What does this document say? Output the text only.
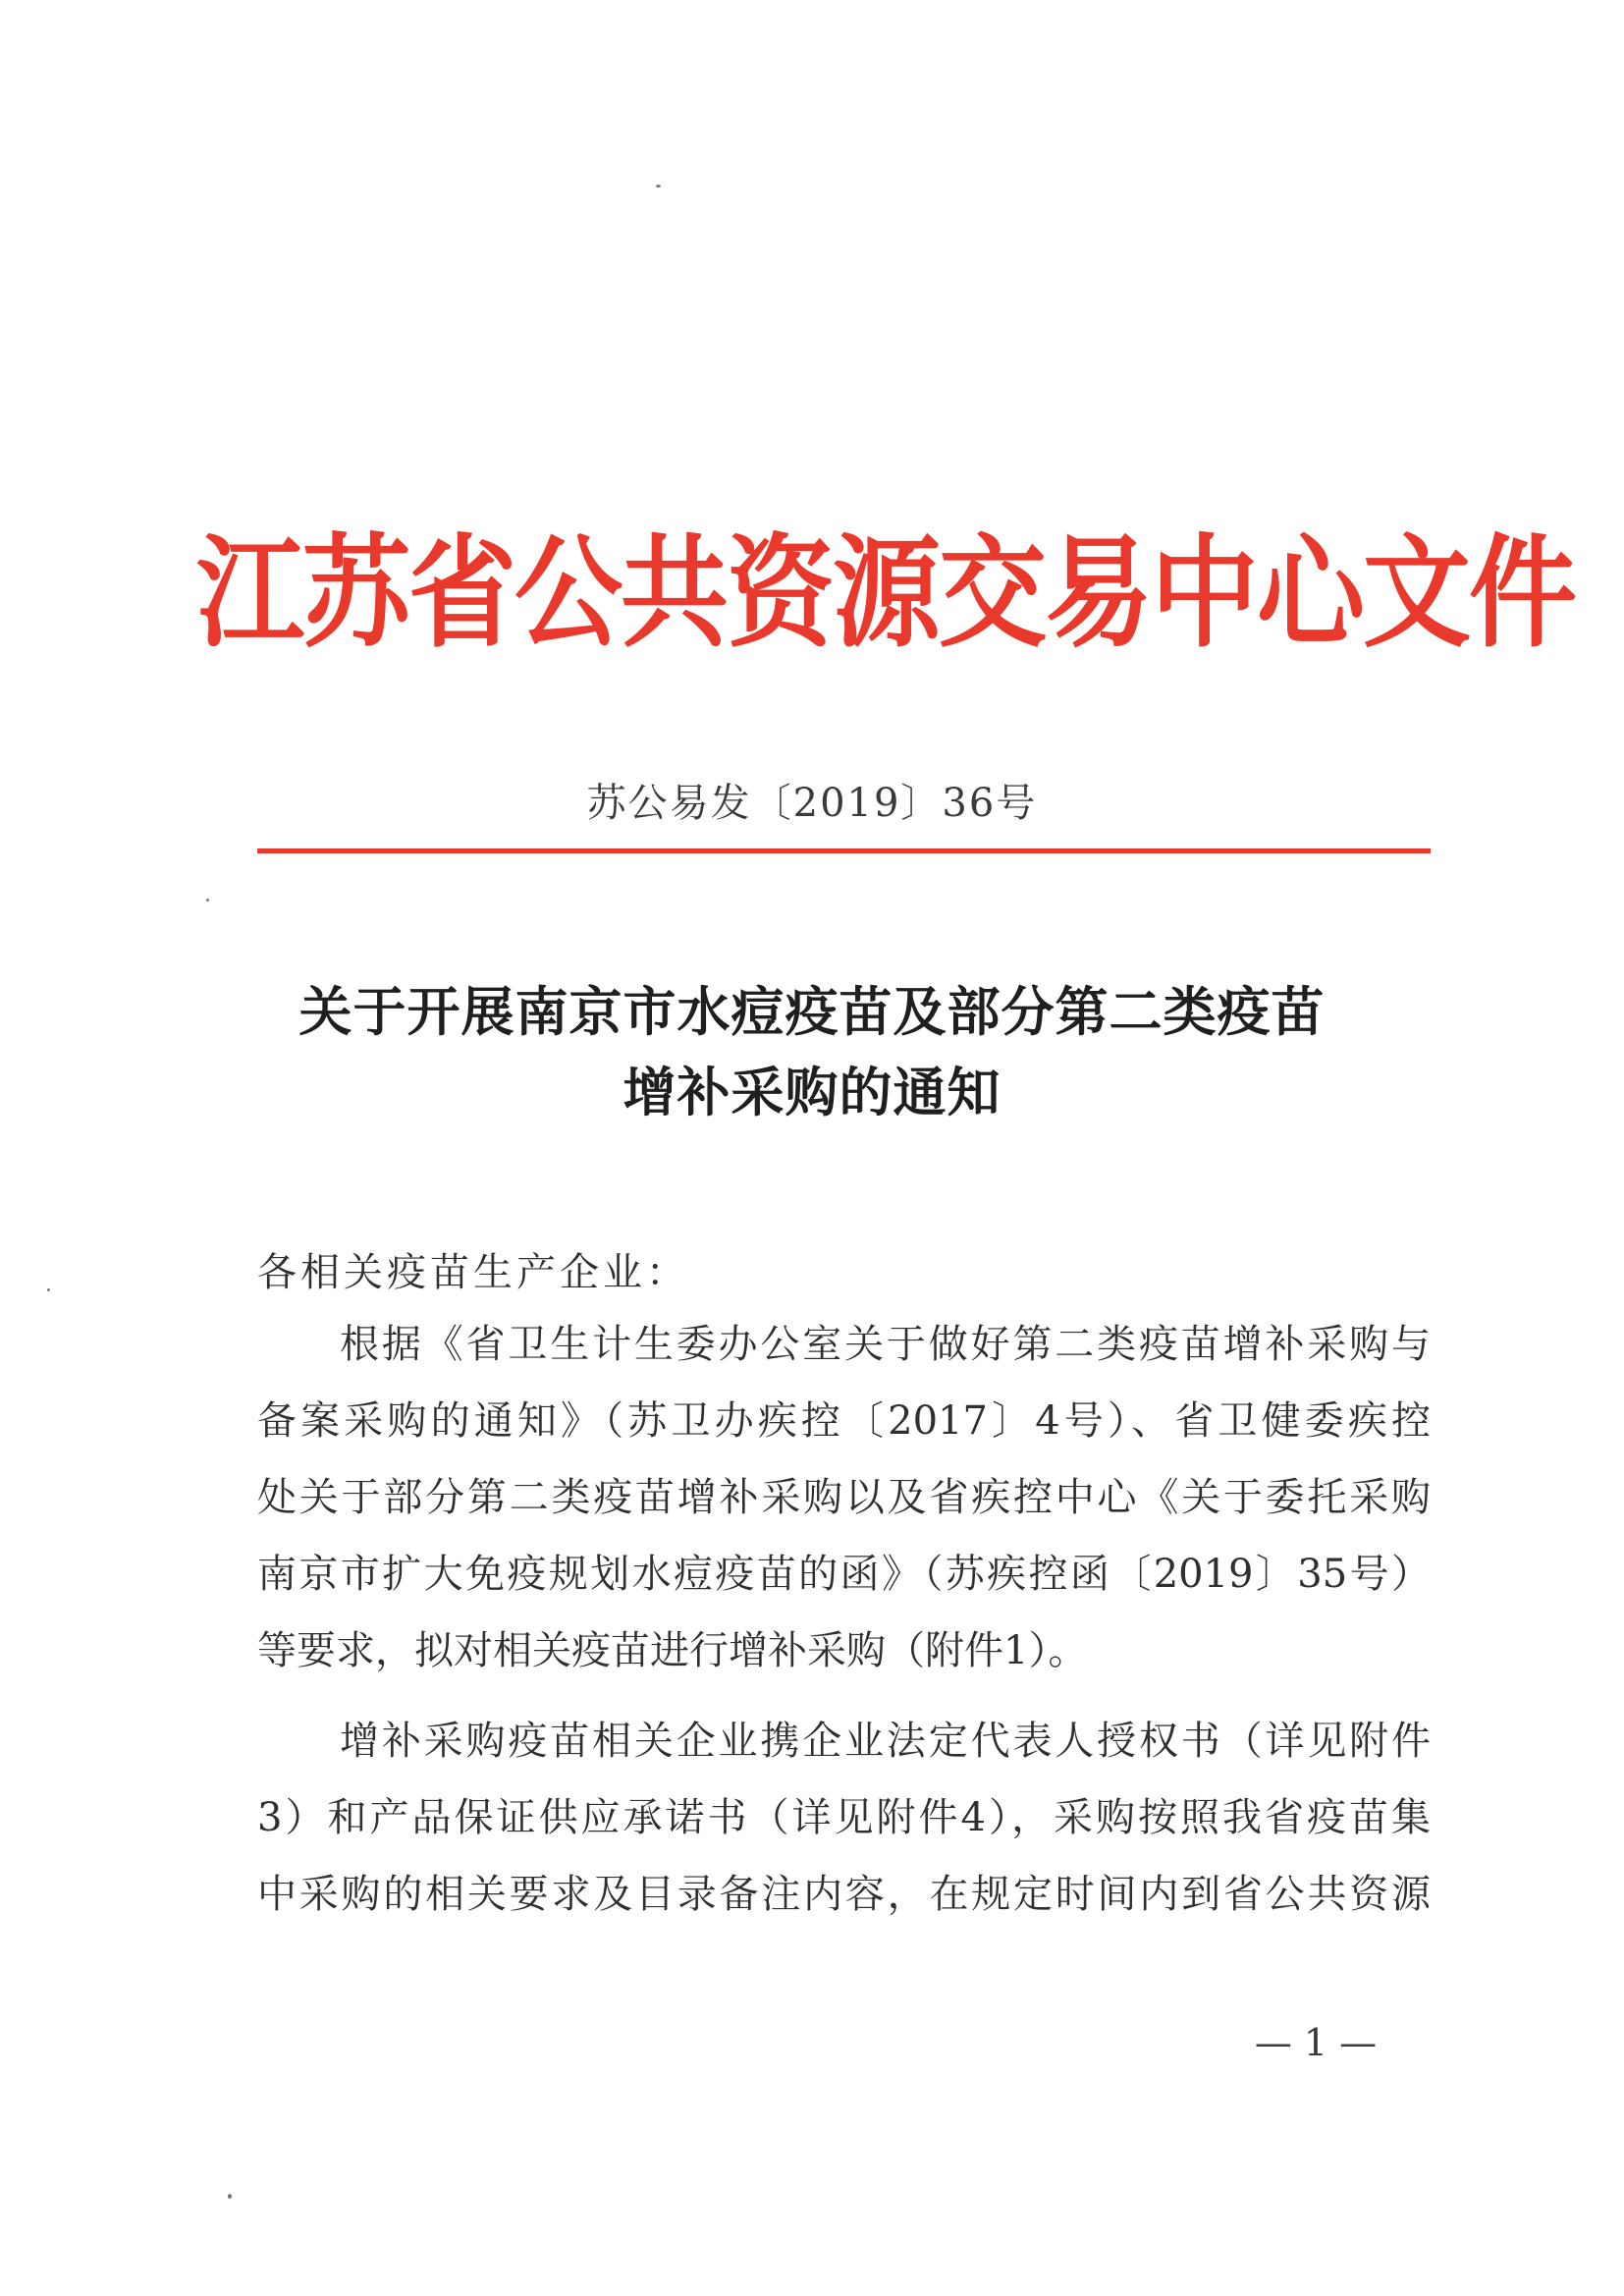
江苏省公共资源交易中心文件
苏公易发〔2019〕36号
关于开展南京市水痘疫苗及部分第二类疫苗
增补采购的通知
各相关疫苗生产企业：
根据《省卫生计生委办公室关于做好第二类疫苗增补采购与
备案采购的通知》（苏卫办疾控〔2017〕4号）、省卫健委疾控
处关于部分第二类疫苗增补采购以及省疾控中心《关于委托采购
南京市扩大免疫规划水痘疫苗的函》（苏疾控函〔2019〕35号）
等要求，拟对相关疫苗进行增补采购（附件1）。
增补采购疫苗相关企业携企业法定代表人授权书（详见附件
3）和产品保证供应承诺书（详见附件4），采购按照我省疫苗集
中采购的相关要求及目录备注内容，在规定时间内到省公共资源
— 1 —
